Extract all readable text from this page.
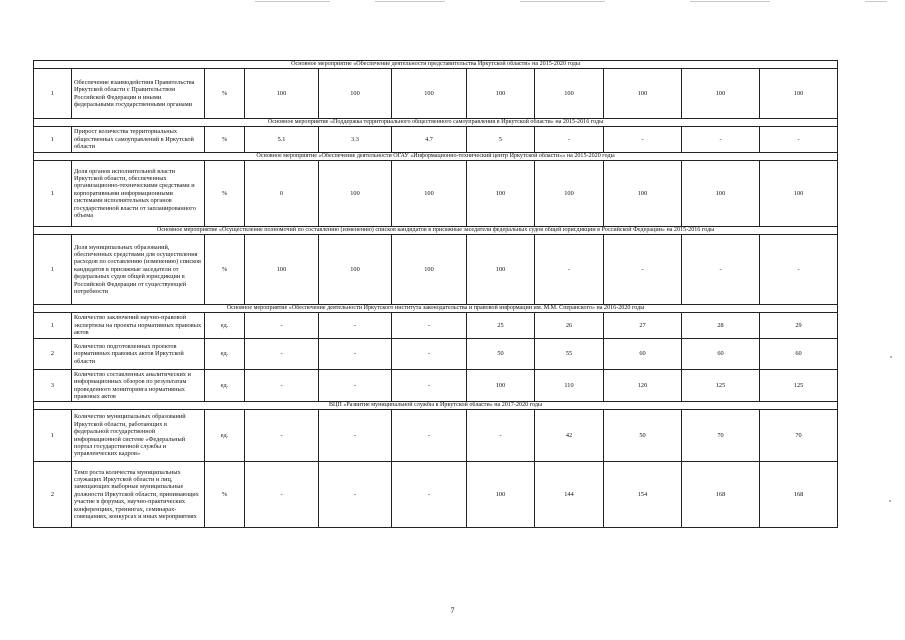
Основное мероприятие «Обеспечение деятельности представительства Иркутской области» на 2015-2020 годы										
1	Обеспечение взаимодействия Правительства Иркутской области с Правительством Российской Федерации и иными федеральными государственными органами	%	100	100	100	100	100	100	100	100
Основное мероприятие «Поддержка территориального общественного самоуправления в Иркутской области» на 2015-2016 годы										
1	Прирост количества территориальных общественных самоуправлений в Иркутской области	%	5.1	3.3	4.7	5	-	-	-	-
Основное мероприятие «Обеспечение деятельности ОГАУ «Информационно-технический центр Иркутской области»» на 2015-2020 годы										
1	Доля органов исполнительной власти Иркутской области, обеспеченных организационно-техническими средствами и корпоративными информационными системами исполнительных органов государственной власти от запланированного объема	%	0	100	100	100	100	100	100	100
Основное мероприятие «Осуществление полномочий по составлению (изменению) списков кандидатов в присяжные заседатели федеральных судов общей юрисдикции в Российской Федерации» на 2015-2016 годы										
1	Доля муниципальных образований, обеспеченных средствами для осуществления расходов по составлению (изменению) списков кандидатов в присяжные заседатели от федеральных судов общей юрисдикции в Российской Федерации от существующей потребности	%	100	100	100	100	-	-	-	-
Основное мероприятие «Обеспечение деятельности Иркутского института законодательства и правовой информации им. М.М. Сперанского» на 2016-2020 годы										
1	Количество заключений научно-правовой экспертизы на проекты нормативных правовых актов	ед.	-	-	-	25	26	27	28	29
2	Количество подготовленных проектов нормативных правовых актов Иркутской области	ед.	-	-	-	50	55	60	60	60
3	Количество составленных аналитических и информационных обзоров по результатам проведенного мониторинга нормативных правовых актов	ед.	-	-	-	100	110	120	125	125
ВЦП «Развитие муниципальной службы в Иркутской области» на 2017-2020 годы										
1	Количество муниципальных образований Иркутской области, работающих в федеральной государственной информационной системе «Федеральный портал государственной службы и управленческих кадров»	ед.	-	-	-	-	42	50	70	70
2	Темп роста количества муниципальных служащих Иркутской области и лиц, замещающих выборные муниципальные должности Иркутской области, принимающих участие в форумах, научно-практических конференциях, тренингах, семинарах-совещаниях, конкурсах и иных мероприятиях	%	-	-	-	100	144	154	168	168
7
